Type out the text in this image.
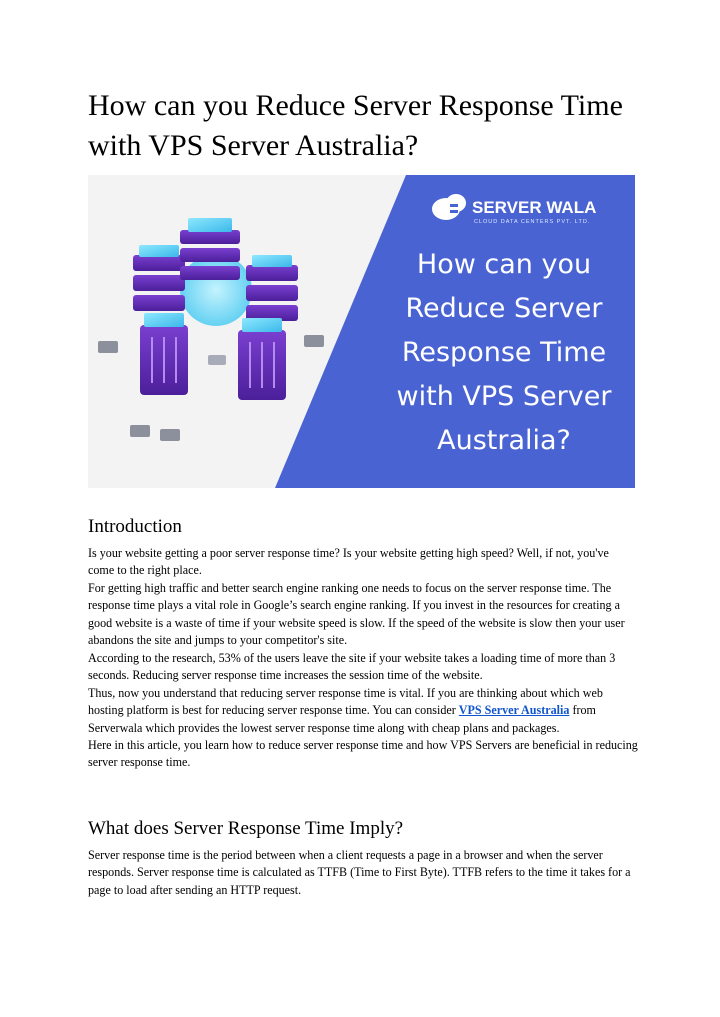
How can you Reduce Server Response Time with VPS Server Australia?
SERVER WALA
CLOUD DATA CENTERS PVT. LTD.
How can you
Reduce Server
Response Time
with VPS Server
Australia?
Introduction

Is your website getting a poor server response time? Is your website getting high speed? Well, if not, you've come to the right place.

For getting high traffic and better search engine ranking one needs to focus on the server response time. The response time plays a vital role in Google’s search engine ranking. If you invest in the resources for creating a good website is a waste of time if your website speed is slow. If the speed of the website is slow then your user abandons the site and jumps to your competitor's site.

According to the research, 53% of the users leave the site if your website takes a loading time of more than 3 seconds. Reducing server response time increases the session time of the website.

Thus, now you understand that reducing server response time is vital. If you are thinking about which web hosting platform is best for reducing server response time. You can consider VPS Server Australia from Serverwala which provides the lowest server response time along with cheap plans and packages.

Here in this article, you learn how to reduce server response time and how VPS Servers are beneficial in reducing server response time.

What does Server Response Time Imply?

Server response time is the period between when a client requests a page in a browser and when the server responds. Server response time is calculated as TTFB (Time to First Byte). TTFB refers to the time it takes for a page to load after sending an HTTP request.
